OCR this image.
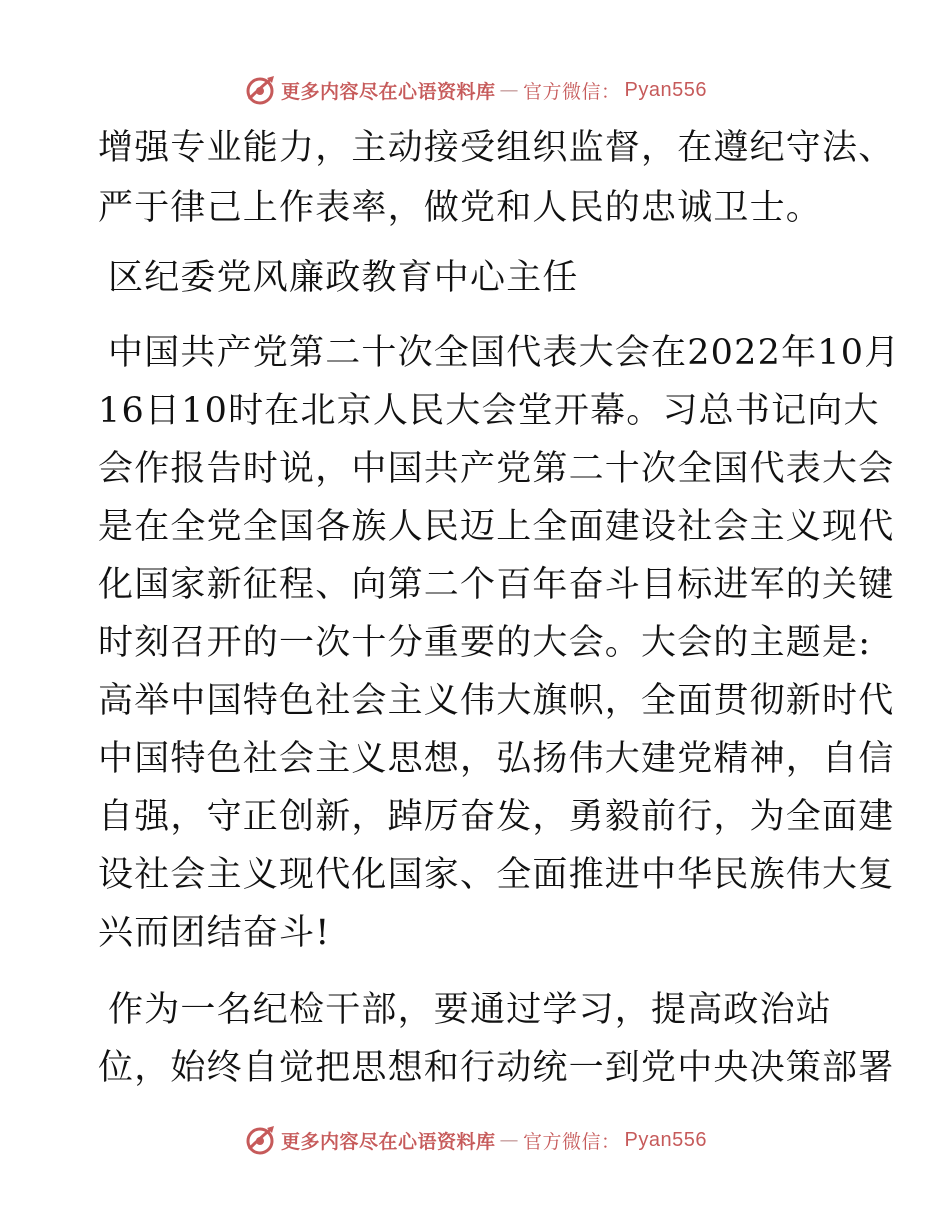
更多内容尽在心语资料库 — 官方微信： Pyan556
增强专业能力，主动接受组织监督，在遵纪守法、
严于律己上作表率，做党和人民的忠诚卫士。
区纪委党风廉政教育中心主任
中国共产党第二十次全国代表大会在2022年10月
16日10时在北京人民大会堂开幕。习总书记向大
会作报告时说，中国共产党第二十次全国代表大会
是在全党全国各族人民迈上全面建设社会主义现代
化国家新征程、向第二个百年奋斗目标进军的关键
时刻召开的一次十分重要的大会。大会的主题是:
高举中国特色社会主义伟大旗帜，全面贯彻新时代
中国特色社会主义思想，弘扬伟大建党精神，自信
自强，守正创新，踔厉奋发，勇毅前行，为全面建
设社会主义现代化国家、全面推进中华民族伟大复
兴而团结奋斗!
作为一名纪检干部，要通过学习，提高政治站
位，始终自觉把思想和行动统一到党中央决策部署
更多内容尽在心语资料库 — 官方微信： Pyan556
